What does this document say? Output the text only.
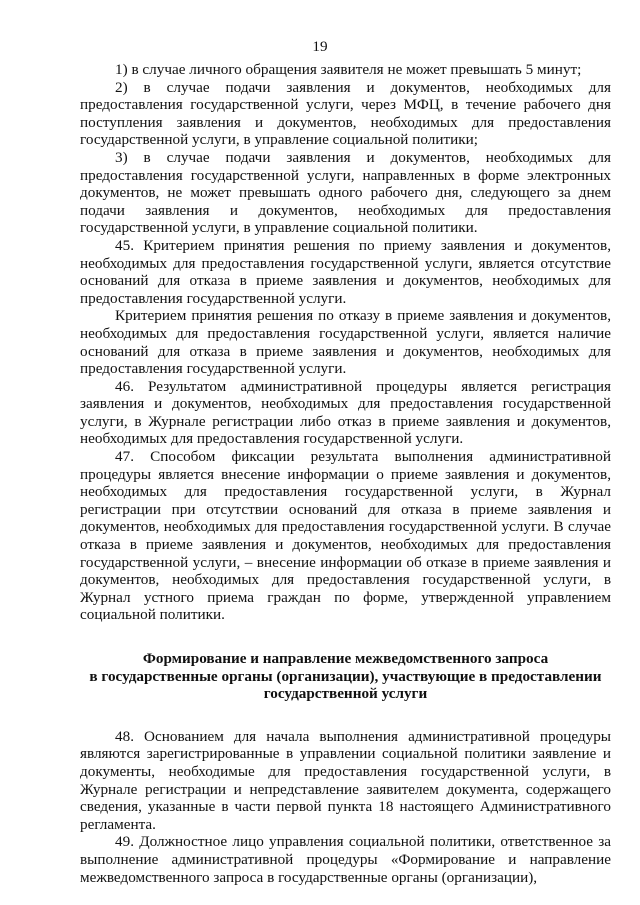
19

1) в случае личного обращения заявителя не может превышать 5 минут;

2) в случае подачи заявления и документов, необходимых для предоставления государственной услуги, через МФЦ, в течение рабочего дня поступления заявления и документов, необходимых для предоставления государственной услуги, в управление социальной политики;

3) в случае подачи заявления и документов, необходимых для предоставления государственной услуги, направленных в форме электронных документов, не может превышать одного рабочего дня, следующего за днем подачи заявления и документов, необходимых для предоставления государственной услуги, в управление социальной политики.

45. Критерием принятия решения по приему заявления и документов, необходимых для предоставления государственной услуги, является отсутствие оснований для отказа в приеме заявления и документов, необходимых для предоставления государственной услуги.

Критерием принятия решения по отказу в приеме заявления и документов, необходимых для предоставления государственной услуги, является наличие оснований для отказа в приеме заявления и документов, необходимых для предоставления государственной услуги.

46. Результатом административной процедуры является регистрация заявления и документов, необходимых для предоставления государственной услуги, в Журнале регистрации либо отказ в приеме заявления и документов, необходимых для предоставления государственной услуги.

47. Способом фиксации результата выполнения административной процедуры является внесение информации о приеме заявления и документов, необходимых для предоставления государственной услуги, в Журнал регистрации при отсутствии оснований для отказа в приеме заявления и документов, необходимых для предоставления государственной услуги. В случае отказа в приеме заявления и документов, необходимых для предоставления государственной услуги, – внесение информации об отказе в приеме заявления и документов, необходимых для предоставления государственной услуги, в Журнал устного приема граждан по форме, утвержденной управлением социальной политики.

Формирование и направление межведомственного запроса
в государственные органы (организации), участвующие в предоставлении
государственной услуги

48. Основанием для начала выполнения административной процедуры являются зарегистрированные в управлении социальной политики заявление и документы, необходимые для предоставления государственной услуги, в Журнале регистрации и непредставление заявителем документа, содержащего сведения, указанные в части первой пункта 18 настоящего Административного регламента.

49. Должностное лицо управления социальной политики, ответственное за выполнение административной процедуры «Формирование и направление межведомственного запроса в государственные органы (организации),
